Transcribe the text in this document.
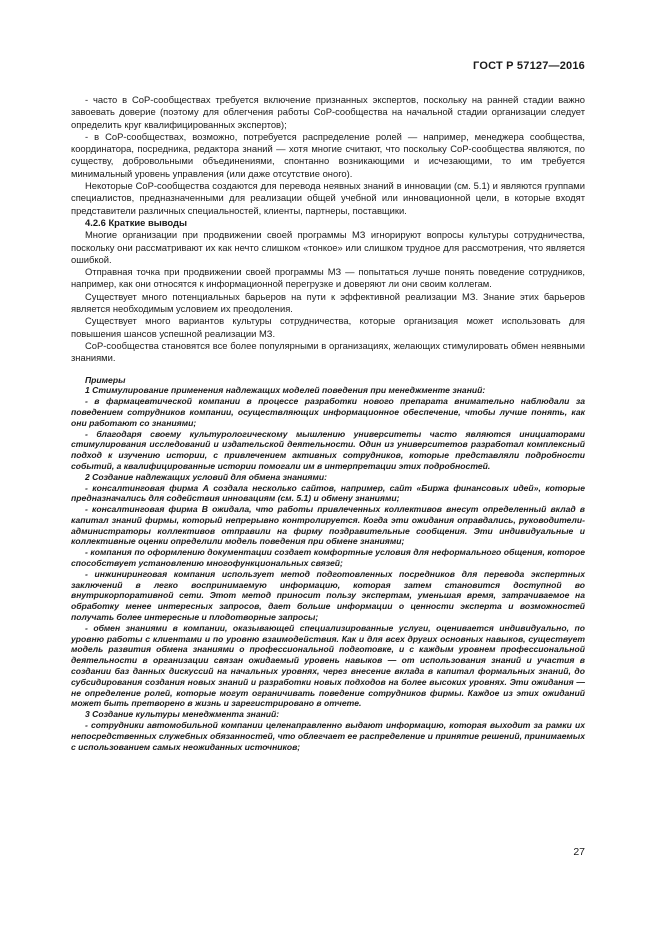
ГОСТ Р 57127—2016

- часто в CoP-сообществах требуется включение признанных экспертов, поскольку на ранней стадии важно завоевать доверие (поэтому для облегчения работы CoP-сообщества на начальной стадии организации следует определить круг квалифицированных экспертов);

- в CoP-сообществах, возможно, потребуется распределение ролей — например, менеджера сообщества, координатора, посредника, редактора знаний — хотя многие считают, что поскольку CoP-сообщества являются, по существу, добровольными объединениями, спонтанно возникающими и исчезающими, то им требуется минимальный уровень управления (или даже отсутствие оного).

Некоторые CoP-сообщества создаются для перевода неявных знаний в инновации (см. 5.1) и являются группами специалистов, предназначенными для реализации общей учебной или инновационной цели, в которые входят представители различных специальностей, клиенты, партнеры, поставщики.

4.2.6 Краткие выводы

Многие организации при продвижении своей программы МЗ игнорируют вопросы культуры сотрудничества, поскольку они рассматривают их как нечто слишком «тонкое» или слишком трудное для рассмотрения, что является ошибкой.

Отправная точка при продвижении своей программы МЗ — попытаться лучше понять поведение сотрудников, например, как они относятся к информационной перегрузке и доверяют ли они своим коллегам.

Существует много потенциальных барьеров на пути к эффективной реализации МЗ. Знание этих барьеров является необходимым условием их преодоления.

Существует много вариантов культуры сотрудничества, которые организация может использовать для повышения шансов успешной реализации МЗ.

CoP-сообщества становятся все более популярными в организациях, желающих стимулировать обмен неявными знаниями.

Примеры

1 Стимулирование применения надлежащих моделей поведения при менеджменте знаний:

- в фармацевтической компании в процессе разработки нового препарата внимательно наблюдали за поведением сотрудников компании, осуществляющих информационное обеспечение, чтобы лучше понять, как они работают со знаниями;

- благодаря своему культурологическому мышлению университеты часто являются инициаторами стимулирования исследований и издательской деятельности. Один из университетов разработал комплексный подход к изучению истории, с привлечением активных сотрудников, которые представляли подробности событий, а квалифицированные истории помогали им в интерпретации этих подробностей.

2 Создание надлежащих условий для обмена знаниями:

- консалтинговая фирма А создала несколько сайтов, например, сайт «Биржа финансовых идей», которые предназначались для содействия инновациям (см. 5.1) и обмену знаниями;

- консалтинговая фирма В ожидала, что работы привлеченных коллективов внесут определенный вклад в капитал знаний фирмы, который непрерывно контролируется. Когда эти ожидания оправдались, руководители-администраторы коллективов отправили на фирму поздравительные сообщения. Эти индивидуальные и коллективные оценки определили модель поведения при обмене знаниями;

- компания по оформлению документации создает комфортные условия для неформального общения, которое способствует установлению многофункциональных связей;

- инжиниринговая компания использует метод подготовленных посредников для перевода экспертных заключений в легко воспринимаемую информацию, которая затем становится доступной во внутрикорпоративной сети. Этот метод приносит пользу экспертам, уменьшая время, затрачиваемое на обработку менее интересных запросов, дает больше информации о ценности эксперта и возможностей получать более интересные и плодотворные запросы;

- обмен знаниями в компании, оказывающей специализированные услуги, оценивается индивидуально, по уровню работы с клиентами и по уровню взаимодействия. Как и для всех других основных навыков, существует модель развития обмена знаниями о профессиональной подготовке, и с каждым уровнем профессиональной деятельности в организации связан ожидаемый уровень навыков — от использования знаний и участия в создании баз данных дискуссий на начальных уровнях, через внесение вклада в капитал формальных знаний, до субсидирования создания новых знаний и разработки новых подходов на более высоких уровнях. Эти ожидания — не определение ролей, которые могут ограничивать поведение сотрудников фирмы. Каждое из этих ожиданий может быть претворено в жизнь и зарегистрировано в отчете.

3 Создание культуры менеджмента знаний:

- сотрудники автомобильной компании целенаправленно выдают информацию, которая выходит за рамки их непосредственных служебных обязанностей, что облегчает ее распределение и принятие решений, принимаемых с использованием самых неожиданных источников;

27
